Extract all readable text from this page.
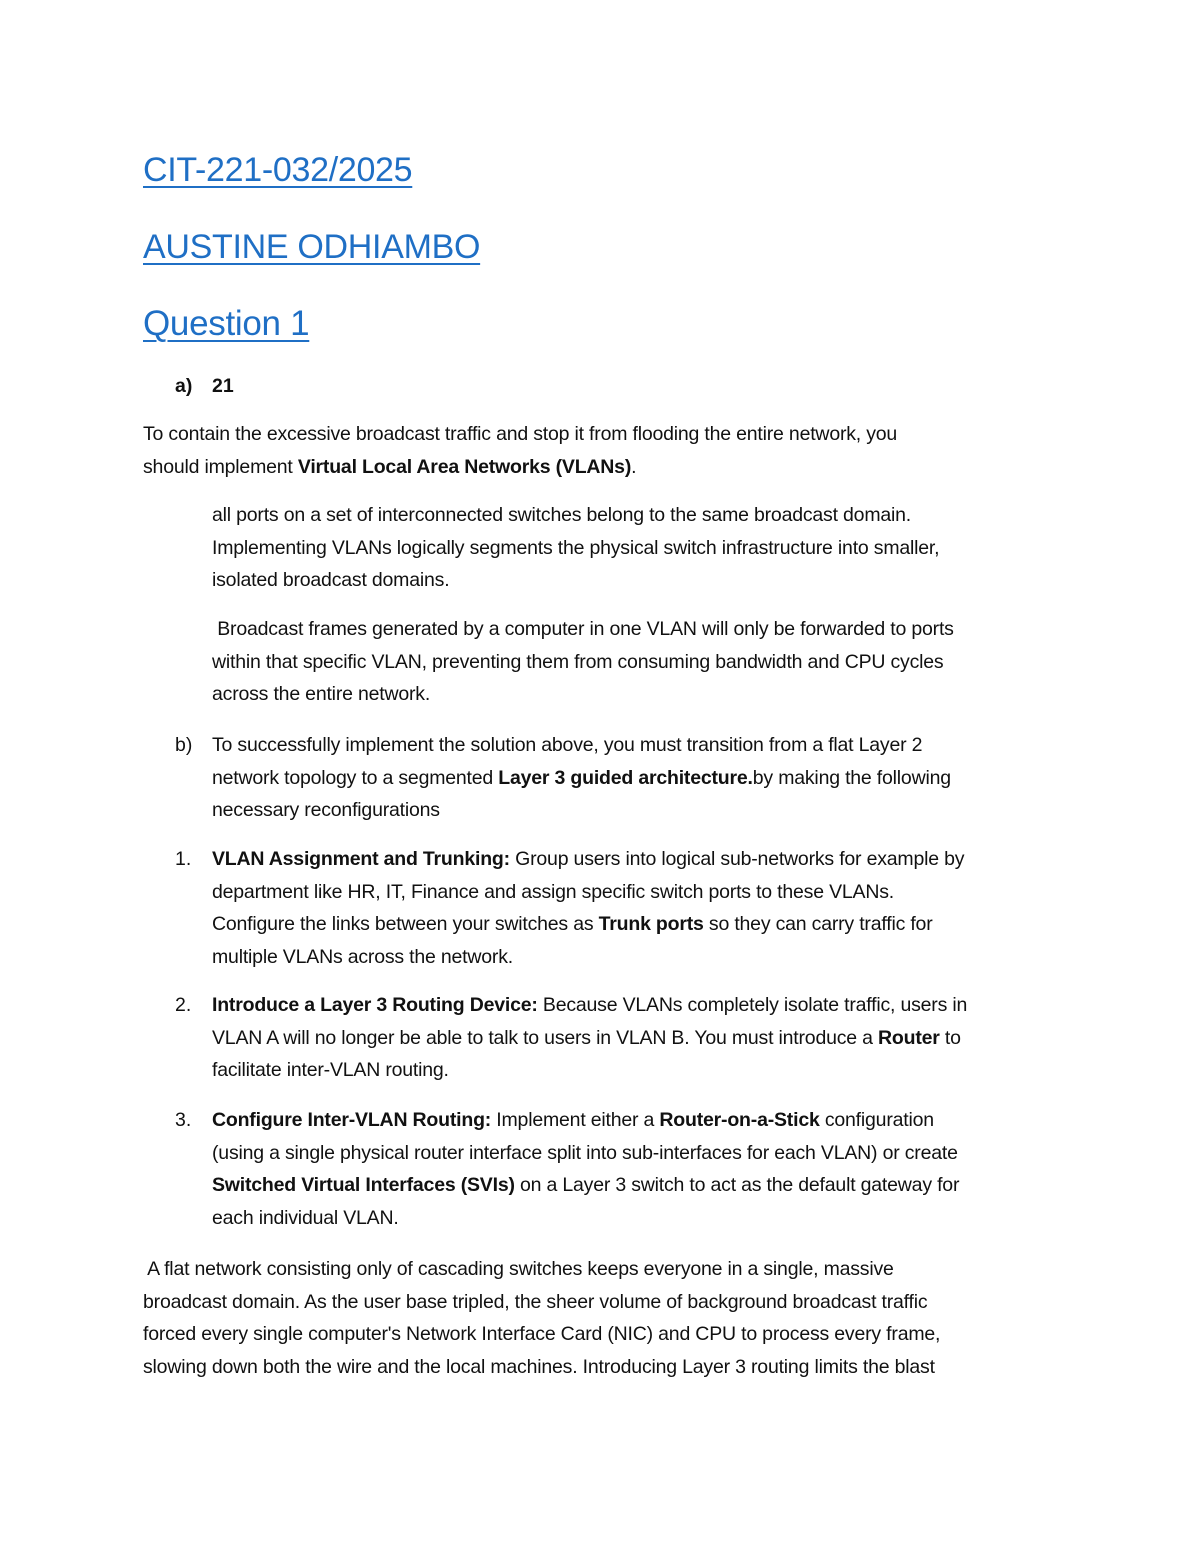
CIT-221-032/2025
AUSTINE ODHIAMBO
Question 1
a) 21
To contain the excessive broadcast traffic and stop it from flooding the entire network, you
should implement Virtual Local Area Networks (VLANs).
all ports on a set of interconnected switches belong to the same broadcast domain.
Implementing VLANs logically segments the physical switch infrastructure into smaller,
isolated broadcast domains.
Broadcast frames generated by a computer in one VLAN will only be forwarded to ports
within that specific VLAN, preventing them from consuming bandwidth and CPU cycles
across the entire network.
b) To successfully implement the solution above, you must transition from a flat Layer 2
network topology to a segmented Layer 3 guided architecture.by making the following
necessary reconfigurations
1. VLAN Assignment and Trunking: Group users into logical sub-networks for example by
department like HR, IT, Finance and assign specific switch ports to these VLANs.
Configure the links between your switches as Trunk ports so they can carry traffic for
multiple VLANs across the network.
2. Introduce a Layer 3 Routing Device: Because VLANs completely isolate traffic, users in
VLAN A will no longer be able to talk to users in VLAN B. You must introduce a Router to
facilitate inter-VLAN routing.
3. Configure Inter-VLAN Routing: Implement either a Router-on-a-Stick configuration
(using a single physical router interface split into sub-interfaces for each VLAN) or create
Switched Virtual Interfaces (SVIs) on a Layer 3 switch to act as the default gateway for
each individual VLAN.
A flat network consisting only of cascading switches keeps everyone in a single, massive
broadcast domain. As the user base tripled, the sheer volume of background broadcast traffic
forced every single computer's Network Interface Card (NIC) and CPU to process every frame,
slowing down both the wire and the local machines. Introducing Layer 3 routing limits the blast
